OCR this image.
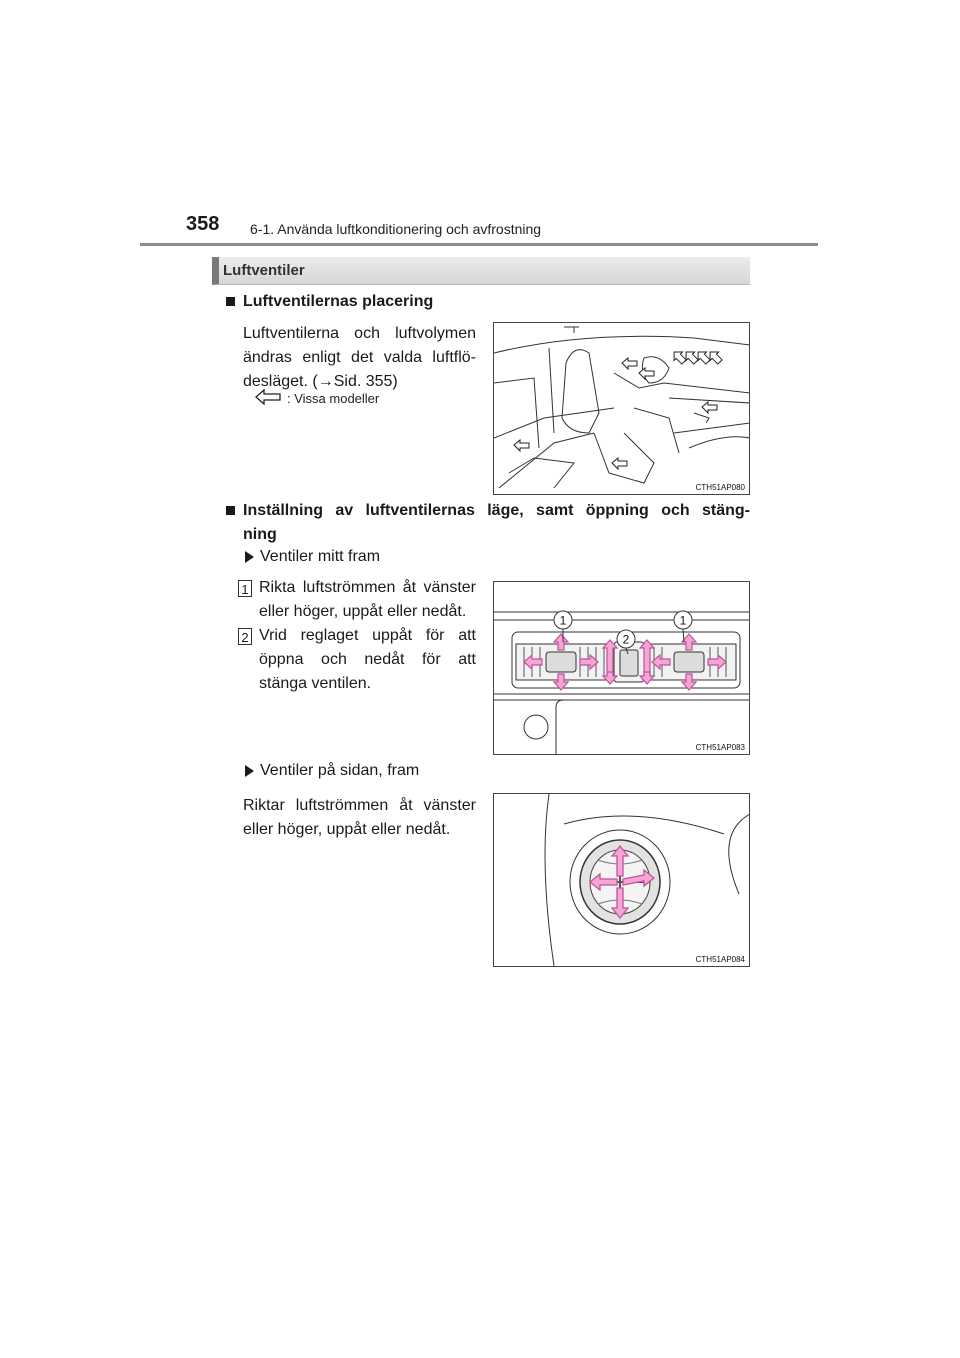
358 6-1. Använda luftkonditionering och avfrostning
Luftventiler
Luftventilernas placering
Luftventilerna och luftvolymen
ändras enligt det valda luftflö-
desläget. (→Sid. 355)
: Vissa modeller
CTH51AP080
Inställning av luftventilernas läge, samt öppning och stäng-
ning
Ventiler mitt fram
1 Rikta luftströmmen åt vänster
eller höger, uppåt eller nedåt.
2 Vrid reglaget uppåt för att
öppna och nedåt för att
stänga ventilen.
1	1
2
CTH51AP083
Ventiler på sidan, fram
Riktar luftströmmen åt vänster
eller höger, uppåt eller nedåt.
CTH51AP084
